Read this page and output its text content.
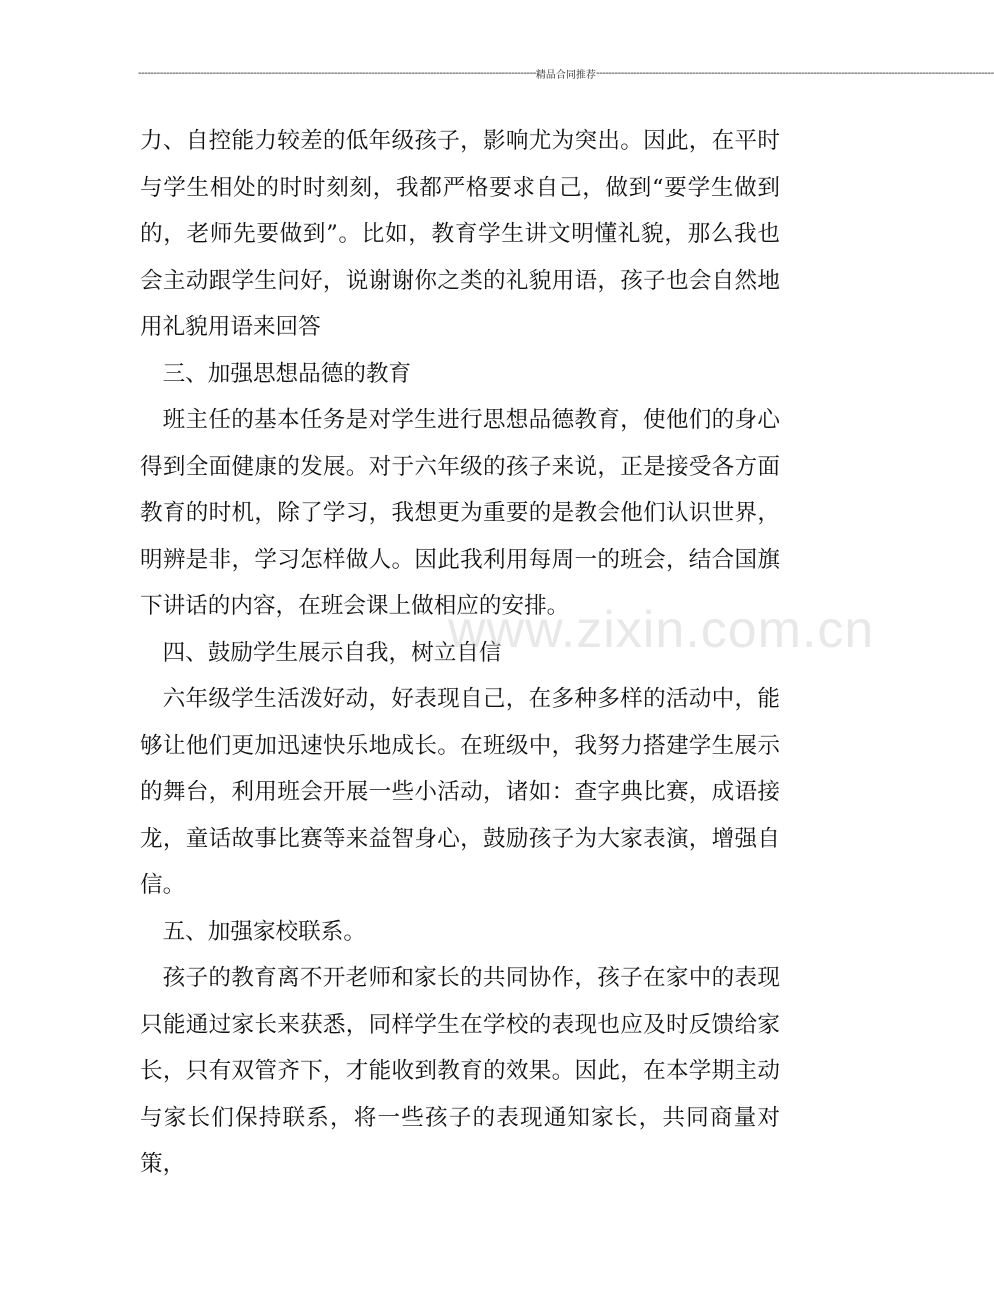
-------------------------------------------------------------------------------------------------------------------------------- 精品合同推荐 --------------------------------------------------------------------------------------------------------------------------------

力、自控能力较差的低年级孩子，影响尤为突出。因此，在平时与学生相处的时时刻刻，我都严格要求自己，做到“要学生做到的，老师先要做到”。比如，教育学生讲文明懂礼貌，那么我也会主动跟学生问好，说谢谢你之类的礼貌用语，孩子也会自然地用礼貌用语来回答

三、加强思想品德的教育

班主任的基本任务是对学生进行思想品德教育，使他们的身心得到全面健康的发展。对于六年级的孩子来说，正是接受各方面教育的时机，除了学习，我想更为重要的是教会他们认识世界，明辨是非，学习怎样做人。因此我利用每周一的班会，结合国旗下讲话的内容，在班会课上做相应的安排。

四、鼓励学生展示自我，树立自信

六年级学生活泼好动，好表现自己，在多种多样的活动中，能够让他们更加迅速快乐地成长。在班级中，我努力搭建学生展示的舞台，利用班会开展一些小活动，诸如：查字典比赛，成语接龙，童话故事比赛等来益智身心，鼓励孩子为大家表演，增强自信。

五、加强家校联系。

孩子的教育离不开老师和家长的共同协作，孩子在家中的表现只能通过家长来获悉，同样学生在学校的表现也应及时反馈给家长，只有双管齐下，才能收到教育的效果。因此，在本学期主动与家长们保持联系，将一些孩子的表现通知家长，共同商量对策，

www.zixin.com.cn
